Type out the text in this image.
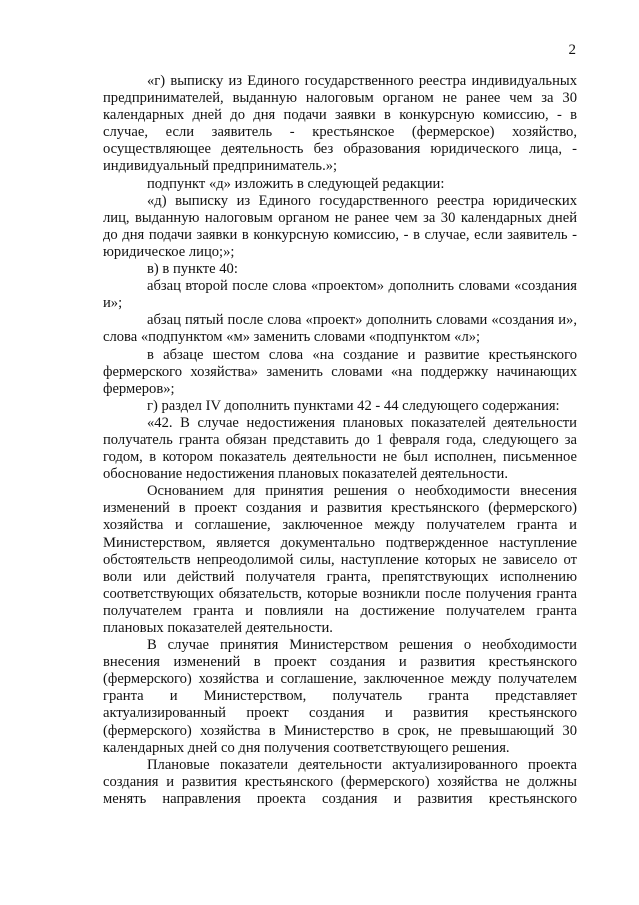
2

«г) выписку из Единого государственного реестра индивидуальных предпринимателей, выданную налоговым органом не ранее чем за 30 календарных дней до дня подачи заявки в конкурсную комиссию, - в случае, если заявитель - крестьянское (фермерское) хозяйство, осуществляющее деятельность без образования юридического лица, - индивидуальный предприниматель.»;

подпункт «д» изложить в следующей редакции:

«д) выписку из Единого государственного реестра юридических лиц, выданную налоговым органом не ранее чем за 30 календарных дней до дня подачи заявки в конкурсную комиссию, - в случае, если заявитель - юридическое лицо;»;

в) в пункте 40:

абзац второй после слова «проектом» дополнить словами «создания и»;

абзац пятый после слова «проект» дополнить словами «создания и», слова «подпунктом «м» заменить словами «подпунктом «л»;

в абзаце шестом слова «на создание и развитие крестьянского фермерского хозяйства» заменить словами «на поддержку начинающих фермеров»;

г) раздел IV дополнить пунктами 42 - 44 следующего содержания:

«42. В случае недостижения плановых показателей деятельности получатель гранта обязан представить до 1 февраля года, следующего за годом, в котором показатель деятельности не был исполнен, письменное обоснование недостижения плановых показателей деятельности.

Основанием для принятия решения о необходимости внесения изменений в проект создания и развития крестьянского (фермерского) хозяйства и соглашение, заключенное между получателем гранта и Министерством, является документально подтвержденное наступление обстоятельств непреодолимой силы, наступление которых не зависело от воли или действий получателя гранта, препятствующих исполнению соответствующих обязательств, которые возникли после получения гранта получателем гранта и повлияли на достижение получателем гранта плановых показателей деятельности.

В случае принятия Министерством решения о необходимости внесения изменений в проект создания и развития крестьянского (фермерского) хозяйства и соглашение, заключенное между получателем гранта и Министерством, получатель гранта представляет актуализированный проект создания и развития крестьянского (фермерского) хозяйства в Министерство в срок, не превышающий 30 календарных дней со дня получения соответствующего решения.

Плановые показатели деятельности актуализированного проекта создания и развития крестьянского (фермерского) хозяйства не должны менять направления проекта создания и развития крестьянского
